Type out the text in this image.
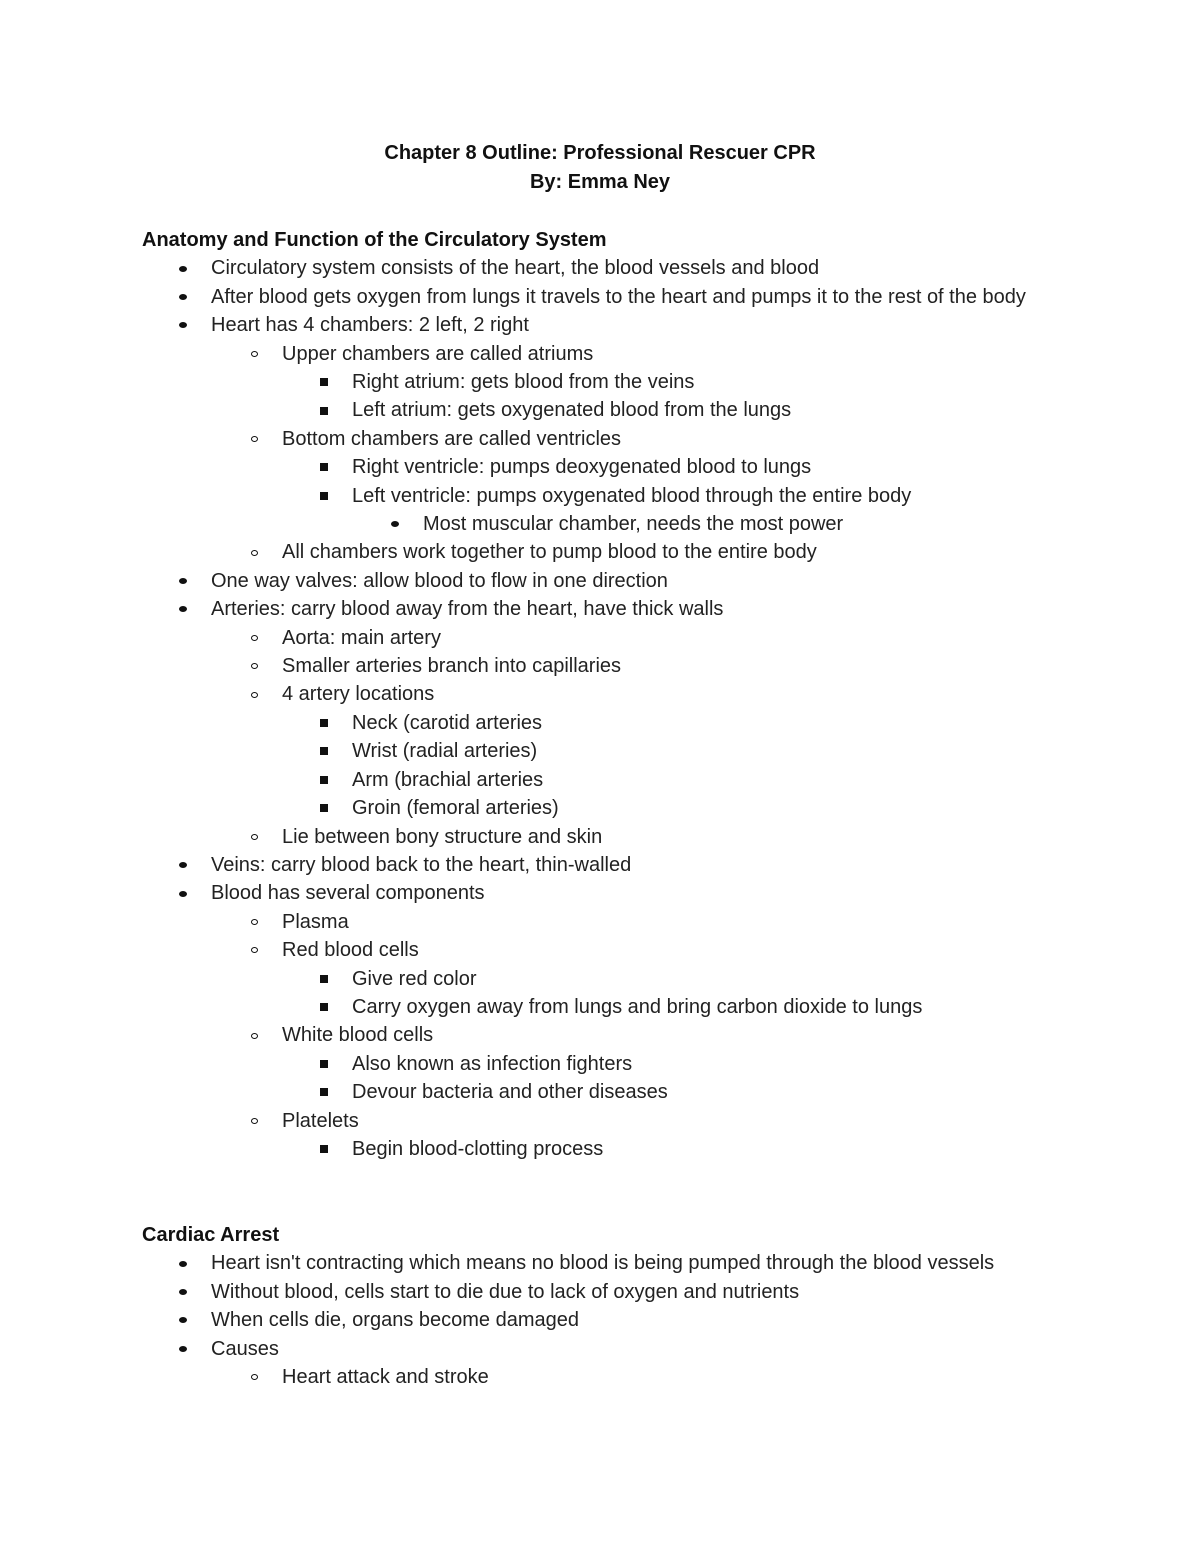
Chapter 8 Outline: Professional Rescuer CPR
By: Emma Ney
Anatomy and Function of the Circulatory System
Circulatory system consists of the heart, the blood vessels and blood
After blood gets oxygen from lungs it travels to the heart and pumps it to the rest of the body
Heart has 4 chambers: 2 left, 2 right
Upper chambers are called atriums
Right atrium: gets blood from the veins
Left atrium: gets oxygenated blood from the lungs
Bottom chambers are called ventricles
Right ventricle: pumps deoxygenated blood to lungs
Left ventricle: pumps oxygenated blood through the entire body
Most muscular chamber, needs the most power
All chambers work together to pump blood to the entire body
One way valves: allow blood to flow in one direction
Arteries: carry blood away from the heart, have thick walls
Aorta: main artery
Smaller arteries branch into capillaries
4 artery locations
Neck (carotid arteries
Wrist (radial arteries)
Arm (brachial arteries
Groin (femoral arteries)
Lie between bony structure and skin
Veins: carry blood back to the heart, thin-walled
Blood has several components
Plasma
Red blood cells
Give red color
Carry oxygen away from lungs and bring carbon dioxide to lungs
White blood cells
Also known as infection fighters
Devour bacteria and other diseases
Platelets
Begin blood-clotting process
Cardiac Arrest
Heart isn't contracting which means no blood is being pumped through the blood vessels
Without blood, cells start to die due to lack of oxygen and nutrients
When cells die, organs become damaged
Causes
Heart attack and stroke
